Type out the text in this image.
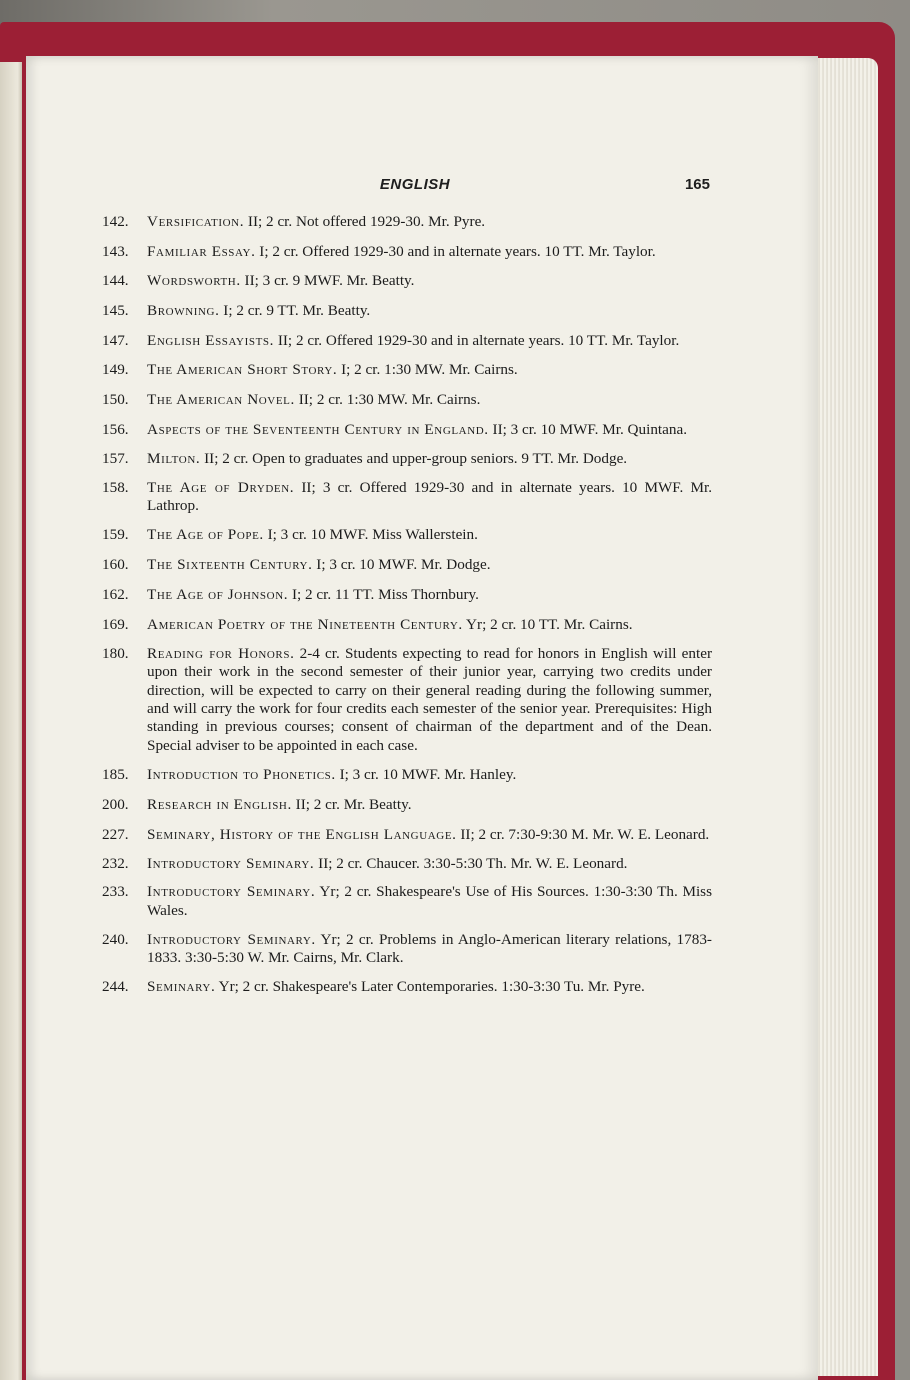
ENGLISH	165
142. Versification. II; 2 cr. Not offered 1929-30. Mr. Pyre.
143. Familiar Essay. I; 2 cr. Offered 1929-30 and in alternate years. 10 TT. Mr. Taylor.
144. Wordsworth. II; 3 cr. 9 MWF. Mr. Beatty.
145. Browning. I; 2 cr. 9 TT. Mr. Beatty.
147. English Essayists. II; 2 cr. Offered 1929-30 and in alternate years. 10 TT. Mr. Taylor.
149. The American Short Story. I; 2 cr. 1:30 MW. Mr. Cairns.
150. The American Novel. II; 2 cr. 1:30 MW. Mr. Cairns.
156. Aspects of the Seventeenth Century in England. II; 3 cr. 10 MWF. Mr. Quintana.
157. Milton. II; 2 cr. Open to graduates and upper-group seniors. 9 TT. Mr. Dodge.
158. The Age of Dryden. II; 3 cr. Offered 1929-30 and in alternate years. 10 MWF. Mr. Lathrop.
159. The Age of Pope. I; 3 cr. 10 MWF. Miss Wallerstein.
160. The Sixteenth Century. I; 3 cr. 10 MWF. Mr. Dodge.
162. The Age of Johnson. I; 2 cr. 11 TT. Miss Thornbury.
169. American Poetry of the Nineteenth Century. Yr; 2 cr. 10 TT. Mr. Cairns.
180. Reading for Honors. 2-4 cr. Students expecting to read for honors in English will enter upon their work in the second semester of their junior year, carrying two credits under direction, will be expected to carry on their general reading during the following summer, and will carry the work for four credits each semester of the senior year. Prerequisites: High standing in previous courses; consent of chairman of the department and of the Dean. Special adviser to be appointed in each case.
185. Introduction to Phonetics. I; 3 cr. 10 MWF. Mr. Hanley.
200. Research in English. II; 2 cr. Mr. Beatty.
227. Seminary, History of the English Language. II; 2 cr. 7:30-9:30 M. Mr. W. E. Leonard.
232. Introductory Seminary. II; 2 cr. Chaucer. 3:30-5:30 Th. Mr. W. E. Leonard.
233. Introductory Seminary. Yr; 2 cr. Shakespeare's Use of His Sources. 1:30-3:30 Th. Miss Wales.
240. Introductory Seminary. Yr; 2 cr. Problems in Anglo-American literary relations, 1783-1833. 3:30-5:30 W. Mr. Cairns, Mr. Clark.
244. Seminary. Yr; 2 cr. Shakespeare's Later Contemporaries. 1:30-3:30 Tu. Mr. Pyre.
